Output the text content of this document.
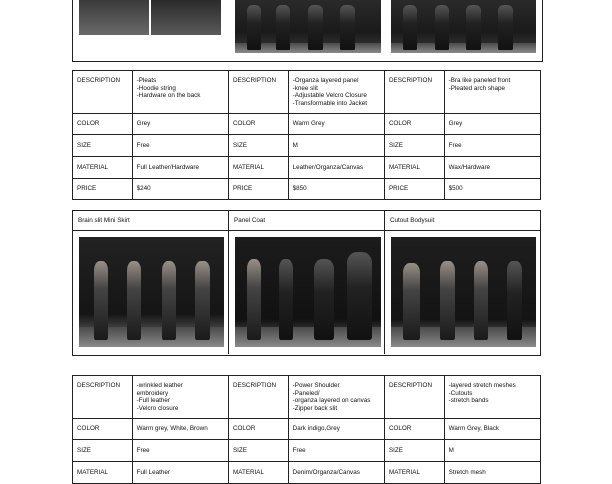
DESCRIPTION	-Pleats
-Hoodie string
-Hardware on the back	DESCRIPTION	-Organza layered panel
-knee slit
-Adjustable Velcro Closure
-Transformable into Jacket	DESCRIPTION	-Bra like paneled front
-Pleated arch shape
COLOR	Grey	COLOR	Warm Grey	COLOR	Grey
SIZE	Free	SIZE	M	SIZE	Free
MATERIAL	Full Leather/Hardware	MATERIAL	Leather/Organza/Canvas	MATERIAL	Wax/Hardware
PRICE	$240	PRICE	$850	PRICE	$500
Brain slit Mini Skirt	Panel Coat	Cutout Bodysuit
DESCRIPTION	-wrinkled leather
embroidery
-Full leather
-Velcro closure	DESCRIPTION	-Power Shoulder
-Paneled/
-organza layered on canvas
-Zipper back slit	DESCRIPTION	-layered stretch meshes
-Cutouts
-stretch bands
COLOR	Warm grey, White, Brown	COLOR	Dark indigo,Grey	COLOR	Warm Grey, Black
SIZE	Free	SIZE	Free	SIZE	M
MATERIAL	Full Leather	MATERIAL	Denim/Organza/Canvas	MATERIAL	Stretch mesh
